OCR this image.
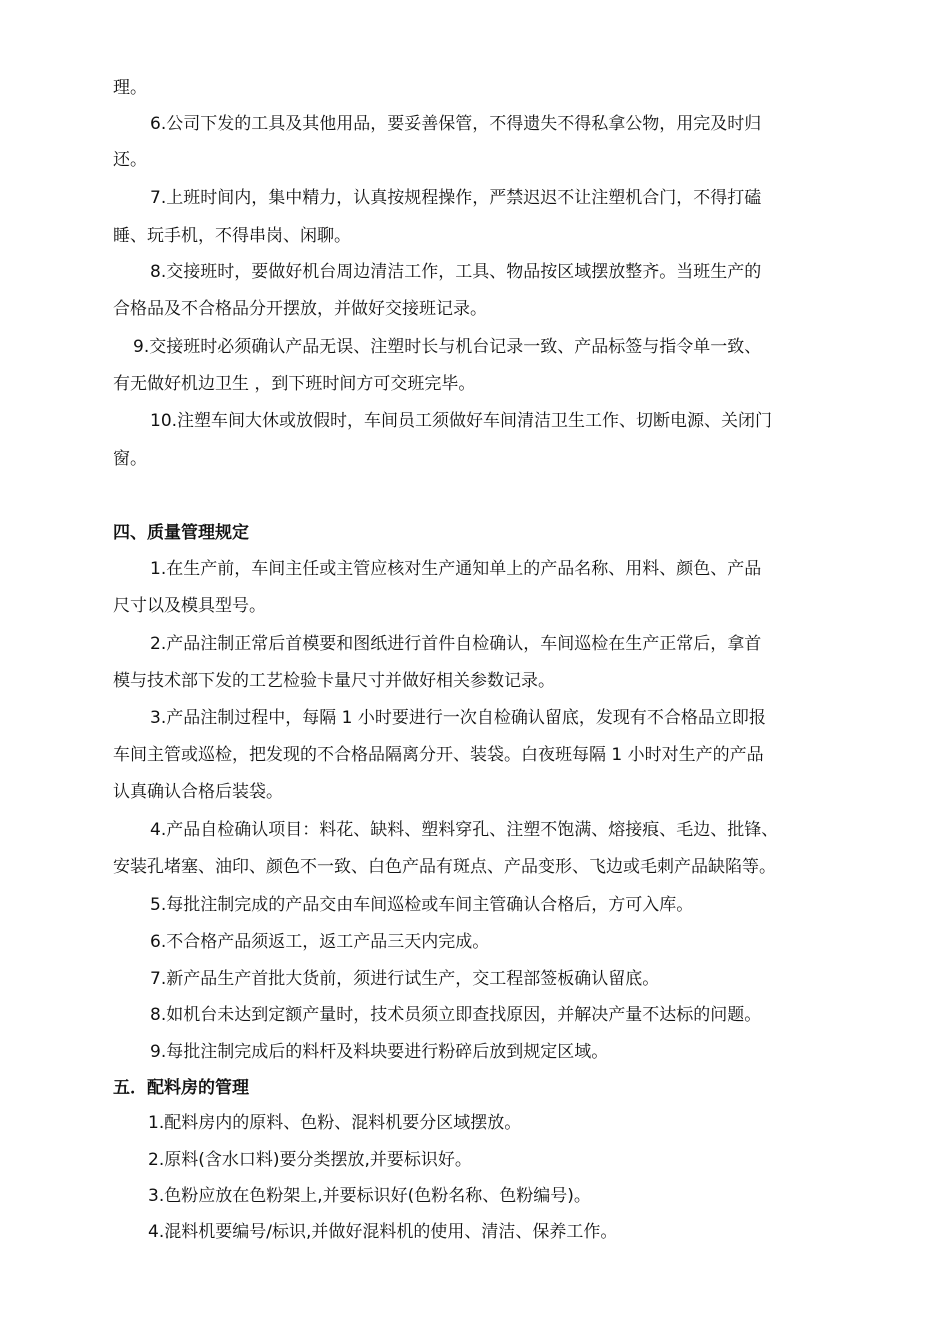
理。
6.公司下发的工具及其他用品，要妥善保管，不得遗失不得私拿公物，用完及时归
还。
7.上班时间内，集中精力，认真按规程操作，严禁迟迟不让注塑机合门，不得打磕
睡、玩手机，不得串岗、闲聊。
8.交接班时，要做好机台周边清洁工作，工具、物品按区域摆放整齐。当班生产的
合格品及不合格品分开摆放，并做好交接班记录。
9.交接班时必须确认产品无误、注塑时长与机台记录一致、产品标签与指令单一致、
有无做好机边卫生 ，到下班时间方可交班完毕。
10.注塑车间大休或放假时，车间员工须做好车间清洁卫生工作、切断电源、关闭门
窗。
四、质量管理规定
1.在生产前，车间主任或主管应核对生产通知单上的产品名称、用料、颜色、产品
尺寸以及模具型号。
2.产品注制正常后首模要和图纸进行首件自检确认，车间巡检在生产正常后，拿首
模与技术部下发的工艺检验卡量尺寸并做好相关参数记录。
3.产品注制过程中，每隔 1 小时要进行一次自检确认留底，发现有不合格品立即报
车间主管或巡检，把发现的不合格品隔离分开、装袋。白夜班每隔 1 小时对生产的产品
认真确认合格后装袋。
4.产品自检确认项目：料花、缺料、塑料穿孔、注塑不饱满、熔接痕、毛边、批锋、
安装孔堵塞、油印、颜色不一致、白色产品有斑点、产品变形、飞边或毛刺产品缺陷等。
5.每批注制完成的产品交由车间巡检或车间主管确认合格后，方可入库。
6.不合格产品须返工，返工产品三天内完成。
7.新产品生产首批大货前，须进行试生产，交工程部签板确认留底。
8.如机台未达到定额产量时，技术员须立即查找原因，并解决产量不达标的问题。
9.每批注制完成后的料杆及料块要进行粉碎后放到规定区域。
五．配料房的管理
1.配料房内的原料、色粉、混料机要分区域摆放。
2.原料(含水口料)要分类摆放,并要标识好。
3.色粉应放在色粉架上,并要标识好(色粉名称、色粉编号)。
4.混料机要编号/标识,并做好混料机的使用、清洁、保养工作。
